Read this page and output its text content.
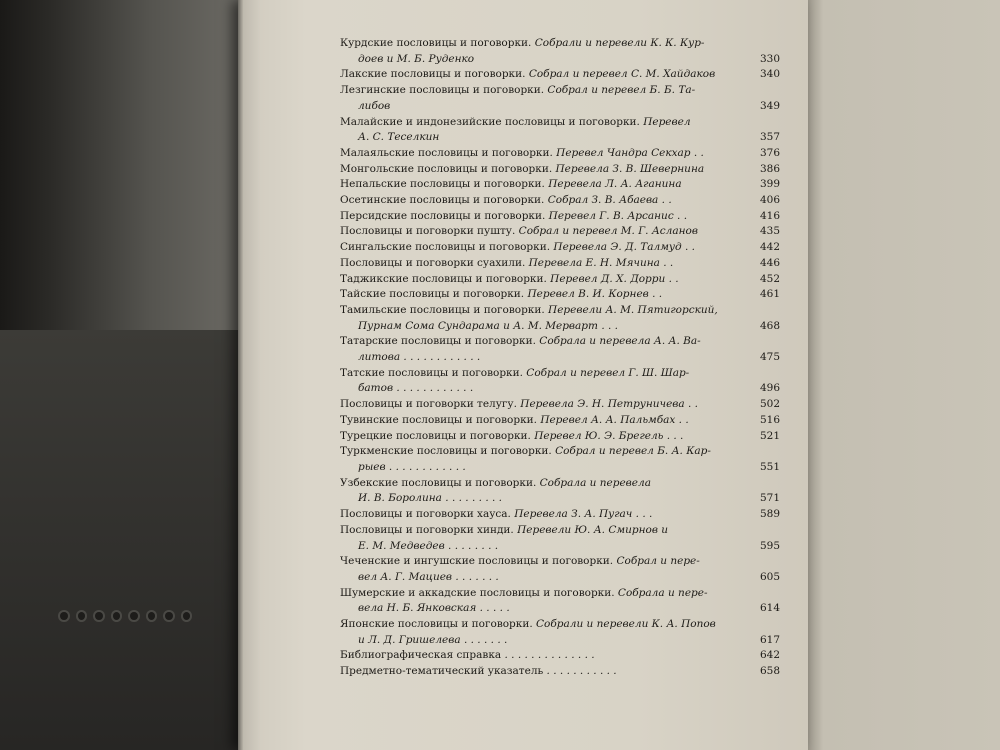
Курдские пословицы и поговорки. Собрали и перевели К. К. Кур-
доев и М. Б. Руденко	330
Лакские пословицы и поговорки. Собрал и перевел С. М. Хайдаков	340
Лезгинские пословицы и поговорки. Собрал и перевел Б. Б. Та-
либов	349
Малайские и индонезийские пословицы и поговорки. Перевел
А. С. Теселкин	357
Малаяльские пословицы и поговорки. Перевел Чандра Секхар . .	376
Монгольские пословицы и поговорки. Перевела З. В. Шевернина	386
Непальские пословицы и поговорки. Перевела Л. А. Аганина	399
Осетинские пословицы и поговорки. Собрал З. В. Абаева . .	406
Персидские пословицы и поговорки. Перевел Г. В. Арсанис . .	416
Пословицы и поговорки пушту. Собрал и перевел М. Г. Асланов	435
Сингальские пословицы и поговорки. Перевела Э. Д. Талмуд . .	442
Пословицы и поговорки суахили. Перевела Е. Н. Мячина . .	446
Таджикские пословицы и поговорки. Перевел Д. Х. Дорри . .	452
Тайские пословицы и поговорки. Перевел В. И. Корнев . .	461
Тамильские пословицы и поговорки. Перевели А. М. Пятигорский,
Пурнам Сома Сундарама и А. М. Мерварт . . .	468
Татарские пословицы и поговорки. Собрала и перевела А. А. Ва-
литова . . . . . . . . . . . .	475
Татские пословицы и поговорки. Собрал и перевел Г. Ш. Шар-
батов . . . . . . . . . . . .	496
Пословицы и поговорки телугу. Перевела Э. Н. Петруничева . .	502
Тувинские пословицы и поговорки. Перевел А. А. Пальмбах . .	516
Турецкие пословицы и поговорки. Перевел Ю. Э. Брегель . . .	521
Туркменские пословицы и поговорки. Собрал и перевел Б. А. Кар-
рыев . . . . . . . . . . . .	551
Узбекские пословицы и поговорки. Собрала и перевела
И. В. Боролина . . . . . . . . .	571
Пословицы и поговорки хауса. Перевела З. А. Пугач . . .	589
Пословицы и поговорки хинди. Перевели Ю. А. Смирнов и
Е. М. Медведев . . . . . . . .	595
Чеченские и ингушские пословицы и поговорки. Собрал и пере-
вел А. Г. Мациев . . . . . . .	605
Шумерские и аккадские пословицы и поговорки. Собрала и пере-
вела Н. Б. Янковская . . . . .	614
Японские пословицы и поговорки. Собрали и перевели К. А. Попов
и Л. Д. Гришелева . . . . . . .	617
Библиографическая справка . . . . . . . . . . . . . .	642
Предметно-тематический указатель . . . . . . . . . . .	658
